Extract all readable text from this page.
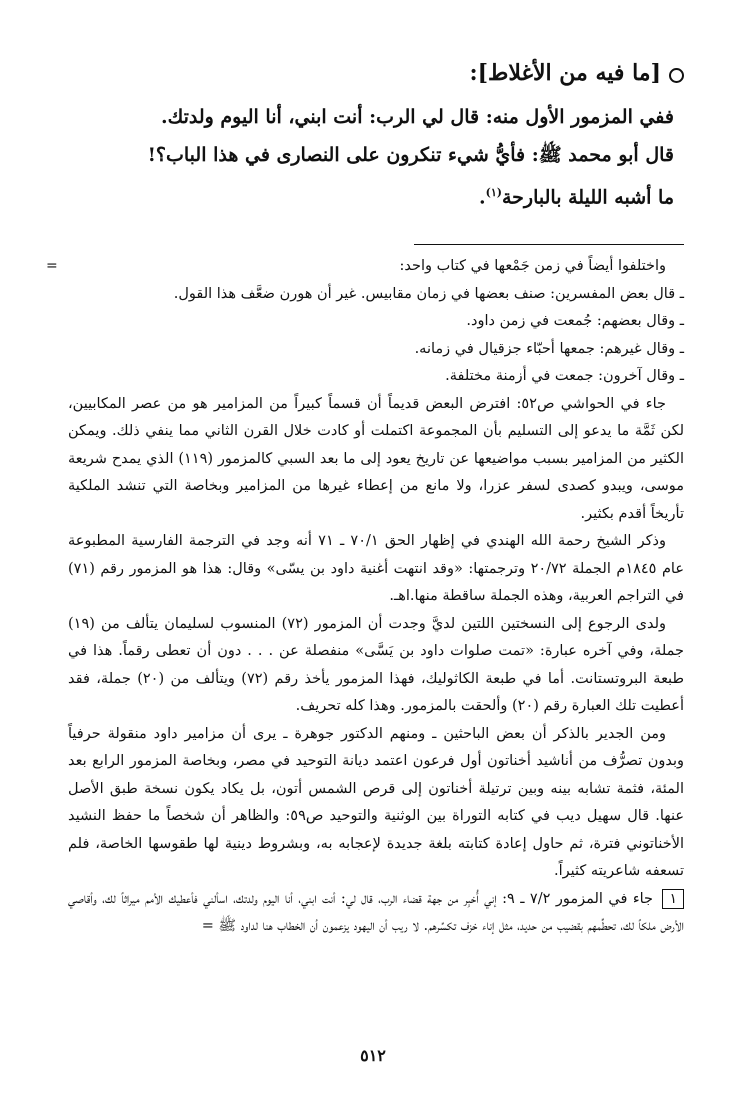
[ما فيه من الأغلاط]:

ففي المزمور الأول منه: قال لي الرب: أنت ابني، أنا اليوم ولدتك.

قال أبو محمد ﷺ: فأيُّ شيء تنكرون على النصارى في هذا الباب؟!

ما أشبه الليلة بالبارحة$^{(١)}$.

=	واختلفوا أيضاً في زمن جَمْعها في كتاب واحد:

ـ قال بعض المفسرين: صنف بعضها في زمان مقابيس. غير أن هورن ضعَّف هذا القول.

ـ وقال بعضهم: جُمعت في زمن داود.

ـ وقال غيرهم: جمعها أحبّاء جزقيال في زمانه.

ـ وقال آخرون: جمعت في أزمنة مختلفة.

جاء في الحواشي ص٥٢: افترض البعض قديماً أن قسماً كبيراً من المزامير هو من عصر المكابيين، لكن ثَمَّة ما يدعو إلى التسليم بأن المجموعة اكتملت أو كادت خلال القرن الثاني مما ينفي ذلك. ويمكن الكثير من المزامير بسبب مواضيعها عن تاريخ يعود إلى ما بعد السبي كالمزمور (١١٩) الذي يمدح شريعة موسى، ويبدو كصدى لسفر عزرا، ولا مانع من إعطاء غيرها من المزامير وبخاصة التي تنشد الملكية تأريخاً أقدم بكثير.

وذكر الشيخ رحمة الله الهندي في إظهار الحق ٧٠/١ ـ ٧١ أنه وجد في الترجمة الفارسية المطبوعة عام ١٨٤٥م الجملة ٢٠/٧٢ وترجمتها: «وقد انتهت أغنية داود بن يسّى» وقال: هذا هو المزمور رقم (٧١) في التراجم العربية، وهذه الجملة ساقطة منها.اهـ.

ولدى الرجوع إلى النسختين اللتين لديَّ وجدت أن المزمور (٧٢) المنسوب لسليمان يتألف من (١٩) جملة، وفي آخره عبارة: «تمت صلوات داود بن يَسَّى» منفصلة عن . . . دون أن تعطى رقماً. هذا في طبعة البروتستانت. أما في طبعة الكاثوليك، فهذا المزمور يأخذ رقم (٧٢) ويتألف من (٢٠) جملة، فقد أعطيت تلك العبارة رقم (٢٠) وألحقت بالمزمور. وهذا كله تحريف.

ومن الجدير بالذكر أن بعض الباحثين ـ ومنهم الدكتور جوهرة ـ يرى أن مزامير داود منقولة حرفياً وبدون تصرُّف من أناشيد أخناتون أول فرعون اعتمد ديانة التوحيد في مصر، وبخاصة المزمور الرابع بعد المئة، فثمة تشابه بينه وبين ترتيلة أخناتون إلى قرص الشمس أتون، بل يكاد يكون نسخة طبق الأصل عنها. قال سهيل ديب في كتابه التوراة بين الوثنية والتوحيد ص٥٩: والظاهر أن شخصاً ما حفظ النشيد الأخناتوني فترة، ثم حاول إعادة كتابته بلغة جديدة لإعجابه به، وبشروط دينية لها طقوسها الخاصة، فلم تسعفه شاعريته كثيراً.

١ جاء في المزمور ٧/٢ ـ ٩: إني أُخبِر من جهة قضاء الرب، قال لي: أنت ابني، أنا اليوم ولدتك، اسألني فأعطيك الأمم ميراثاً لك، وأقاصي الأرض ملكاً لك، تحطِّمهم بقضيب من حديد، مثل إناء خزف تكسِّرهم. لا ريب أن اليهود يزعمون أن الخطاب هنا لداود ﷺ =

٥١٢
